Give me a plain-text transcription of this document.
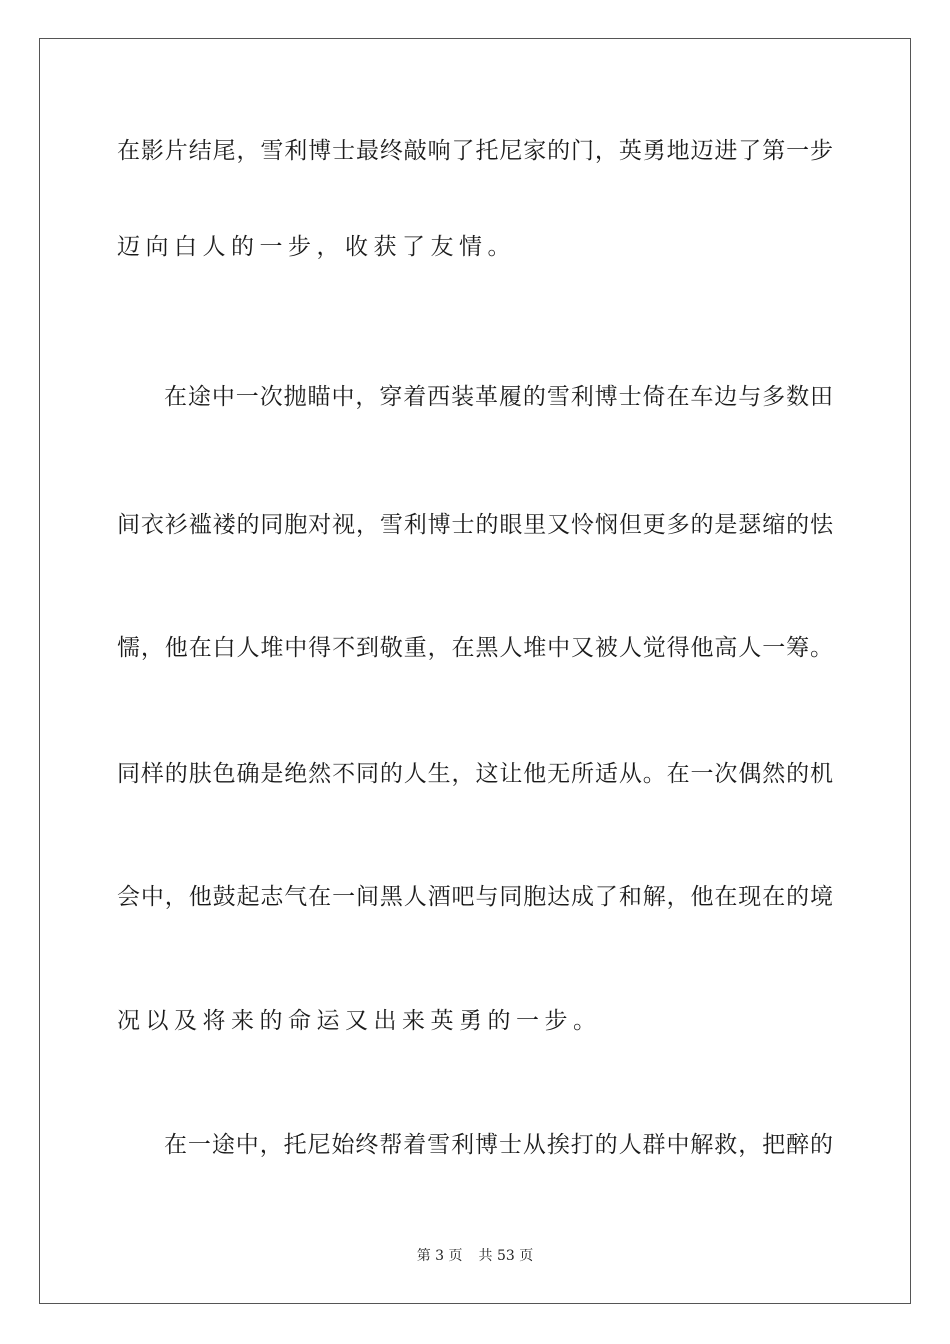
在影片结尾，雪利博士最终敲响了托尼家的门，英勇地迈进了第一步
迈向白人的一步，收获了友情。
在途中一次抛瞄中，穿着西装革履的雪利博士倚在车边与多数田
间衣衫褴褛的同胞对视，雪利博士的眼里又怜悯但更多的是瑟缩的怯
懦，他在白人堆中得不到敬重，在黑人堆中又被人觉得他高人一筹。
同样的肤色确是绝然不同的人生，这让他无所适从。在一次偶然的机
会中，他鼓起志气在一间黑人酒吧与同胞达成了和解，他在现在的境
况以及将来的命运又出来英勇的一步。
在一途中，托尼始终帮着雪利博士从挨打的人群中解救，把醉的
第 3 页 共 53 页
